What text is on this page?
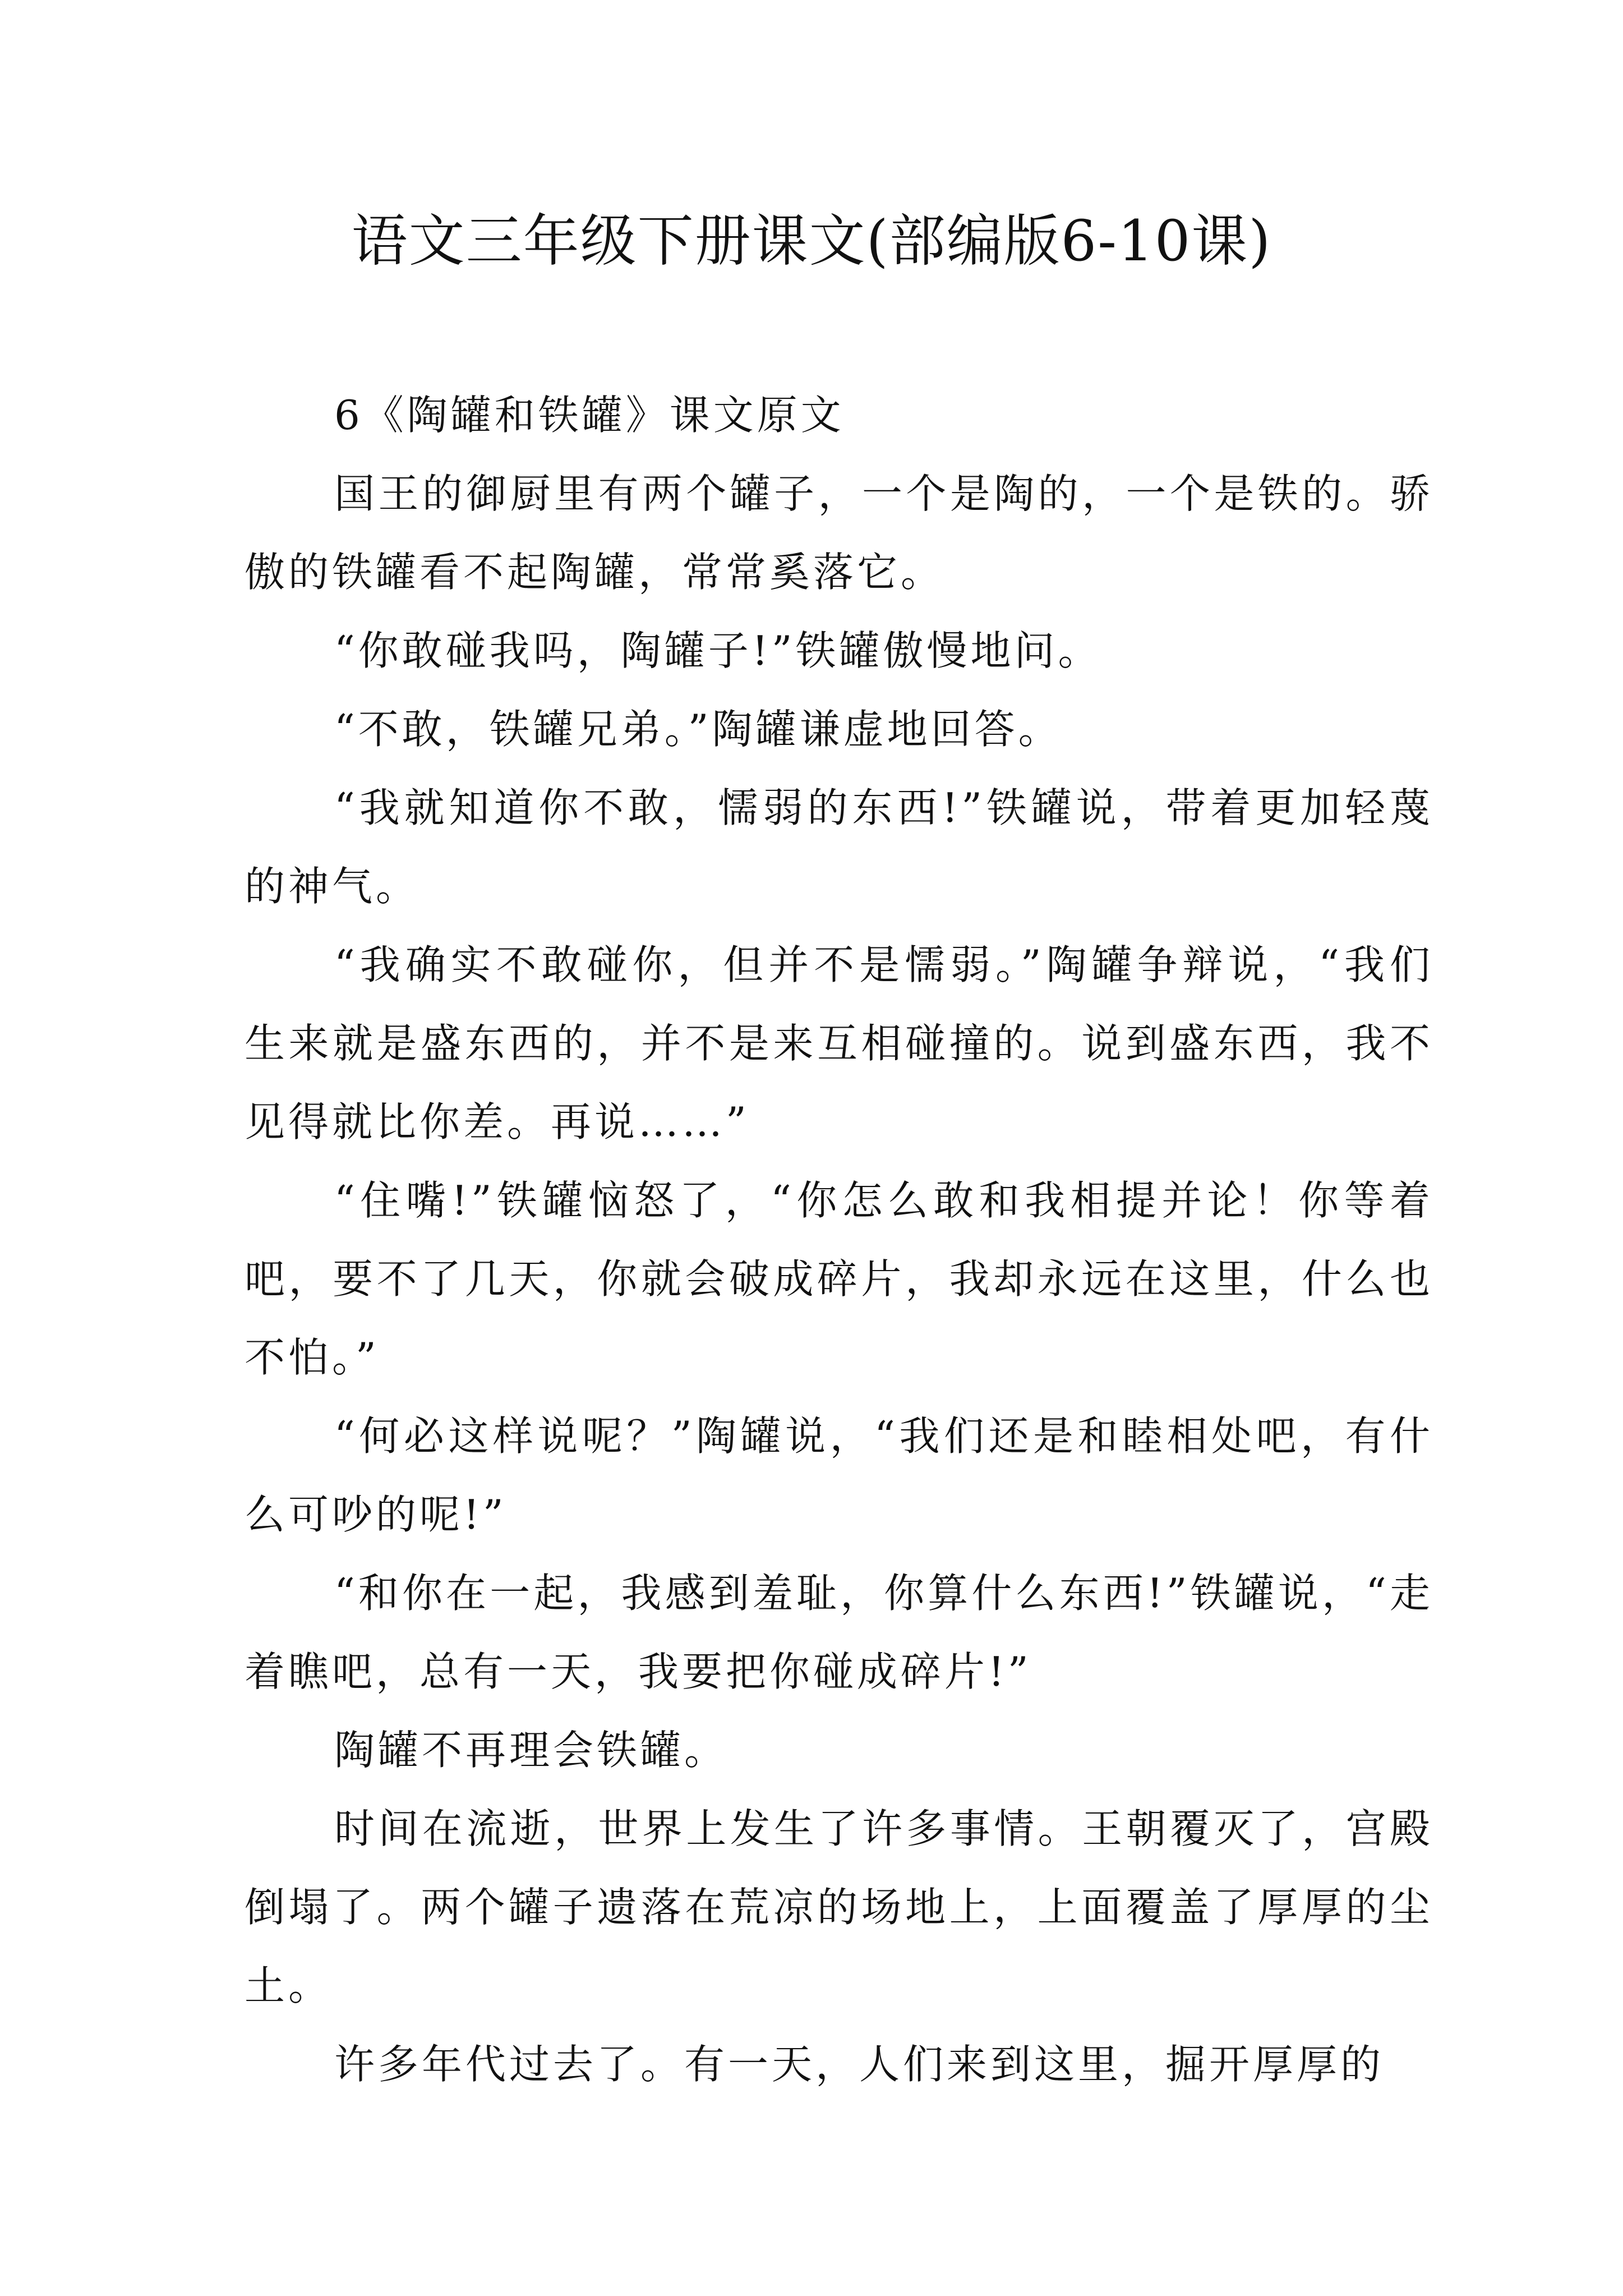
语文三年级下册课文(部编版6-10课)

6《陶罐和铁罐》课文原文

国王的御厨里有两个罐子，一个是陶的，一个是铁的。骄傲的铁罐看不起陶罐，常常奚落它。

“你敢碰我吗，陶罐子!”铁罐傲慢地问。

“不敢，铁罐兄弟。”陶罐谦虚地回答。

“我就知道你不敢，懦弱的东西!”铁罐说，带着更加轻蔑的神气。

“我确实不敢碰你，但并不是懦弱。”陶罐争辩说，“我们生来就是盛东西的，并不是来互相碰撞的。说到盛东西，我不见得就比你差。再说……”

“住嘴!”铁罐恼怒了，“你怎么敢和我相提并论！你等着吧，要不了几天，你就会破成碎片，我却永远在这里，什么也不怕。”

“何必这样说呢？”陶罐说，“我们还是和睦相处吧，有什么可吵的呢!”

“和你在一起，我感到羞耻，你算什么东西!”铁罐说，“走着瞧吧，总有一天，我要把你碰成碎片!”

陶罐不再理会铁罐。

时间在流逝，世界上发生了许多事情。王朝覆灭了，宫殿倒塌了。两个罐子遗落在荒凉的场地上，上面覆盖了厚厚的尘土。

许多年代过去了。有一天，人们来到这里，掘开厚厚的
